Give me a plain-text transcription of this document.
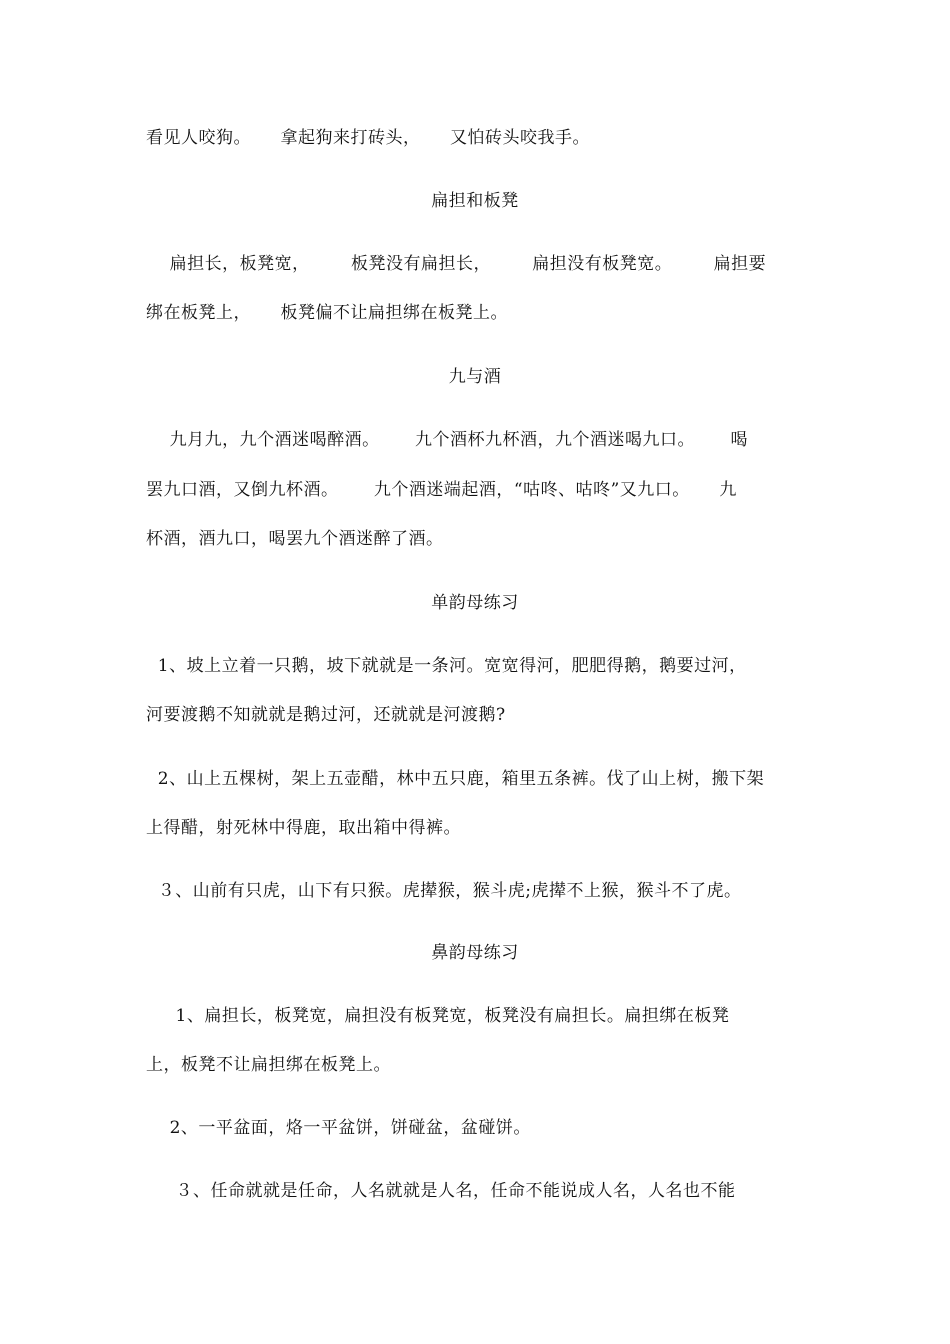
看见人咬狗。     拿起狗来打砖头，     又怕砖头咬我手。
扁担和板凳
扁担长，板凳宽，       板凳没有扁担长，       扁担没有板凳宽。       扁担要
绑在板凳上，     板凳偏不让扁担绑在板凳上。
九与酒
九月九，九个酒迷喝醉酒。      九个酒杯九杯酒，九个酒迷喝九口。      喝
罢九口酒，又倒九杯酒。      九个酒迷端起酒，“咕咚、咕咚”又九口。     九
杯酒，酒九口，喝罢九个酒迷醉了酒。
单韵母练习
1、坡上立着一只鹅，坡下就就是一条河。宽宽得河，肥肥得鹅，鹅要过河，
河要渡鹅不知就就是鹅过河，还就就是河渡鹅?
2、山上五棵树，架上五壶醋，林中五只鹿，箱里五条裤。伐了山上树，搬下架
上得醋，射死林中得鹿，取出箱中得裤。
３、山前有只虎，山下有只猴。虎撵猴，猴斗虎;虎撵不上猴，猴斗不了虎。
鼻韵母练习
1、扁担长，板凳宽，扁担没有板凳宽，板凳没有扁担长。扁担绑在板凳
上，板凳不让扁担绑在板凳上。
2、一平盆面，烙一平盆饼，饼碰盆，盆碰饼。
３、任命就就是任命，人名就就是人名，任命不能说成人名，人名也不能
